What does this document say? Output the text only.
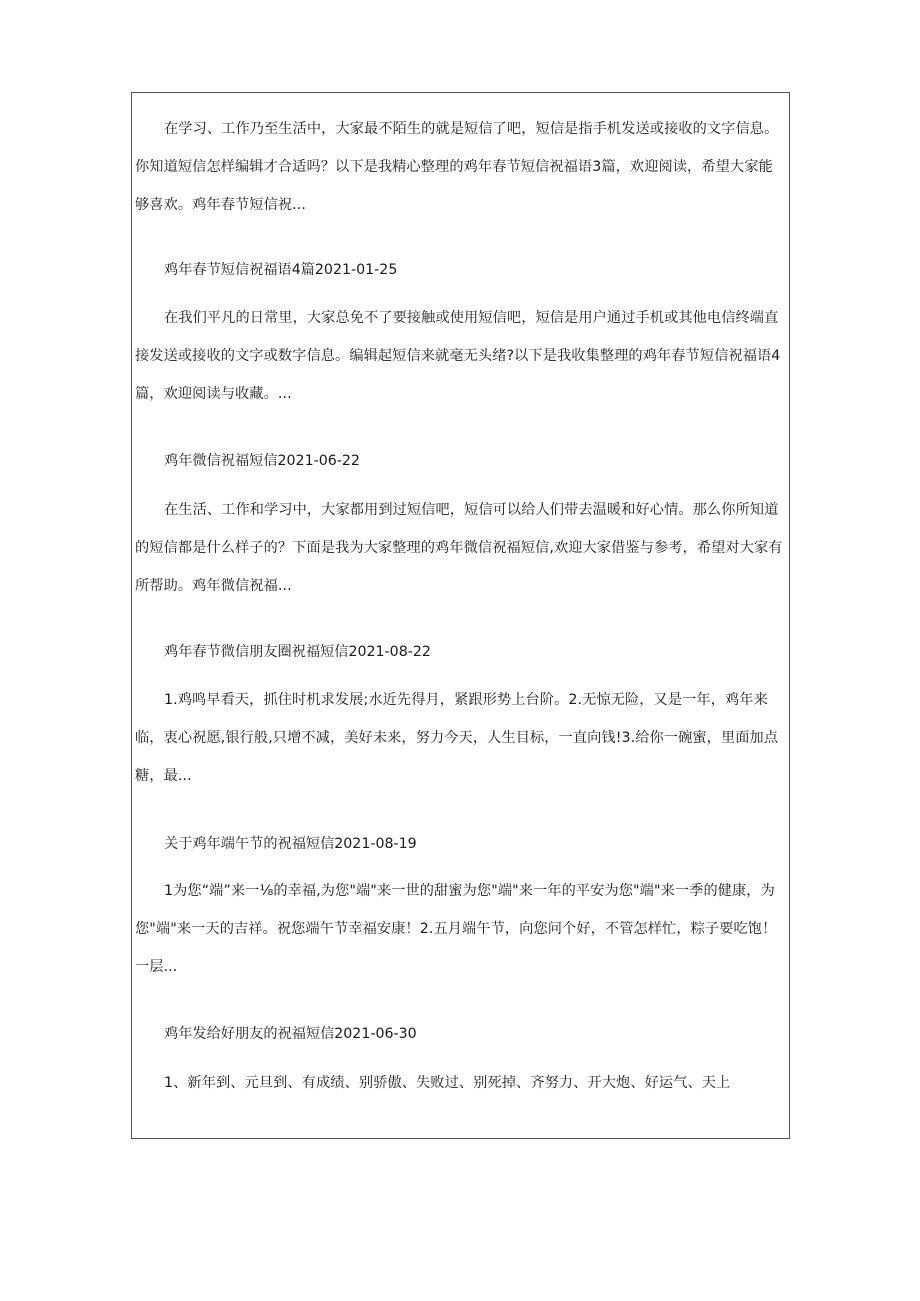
在学习、工作乃至生活中，大家最不陌生的就是短信了吧，短信是指手机发送或接收的文字信息。你知道短信怎样编辑才合适吗？以下是我精心整理的鸡年春节短信祝福语3篇，欢迎阅读，希望大家能够喜欢。鸡年春节短信祝...

鸡年春节短信祝福语4篇2021-01-25

在我们平凡的日常里，大家总免不了要接触或使用短信吧，短信是用户通过手机或其他电信终端直接发送或接收的文字或数字信息。编辑起短信来就毫无头绪?以下是我收集整理的鸡年春节短信祝福语4篇，欢迎阅读与收藏。...

鸡年微信祝福短信2021-06-22

在生活、工作和学习中，大家都用到过短信吧，短信可以给人们带去温暖和好心情。那么你所知道的短信都是什么样子的？下面是我为大家整理的鸡年微信祝福短信,欢迎大家借鉴与参考，希望对大家有所帮助。鸡年微信祝福...

鸡年春节微信朋友圈祝福短信2021-08-22

1.鸡鸣早看天，抓住时机求发展;水近先得月，紧跟形势上台阶。2.无惊无险，又是一年，鸡年来临，衷心祝愿,银行般,只增不减，美好未来，努力今天，人生目标，一直向钱!3.给你一碗蜜，里面加点糖，最...

关于鸡年端午节的祝福短信2021-08-19

1为您“端”来一⅛的幸福,为您"端"来一世的甜蜜为您"端"来一年的平安为您"端"来一季的健康，为您"端"来一天的吉祥。祝您端午节幸福安康！2.五月端午节，向您问个好，不管怎样忙，粽子要吃饱！一层...

鸡年发给好朋友的祝福短信2021-06-30

1、新年到、元旦到、有成绩、别骄傲、失败过、别死掉、齐努力、开大炮、好运气、天上
